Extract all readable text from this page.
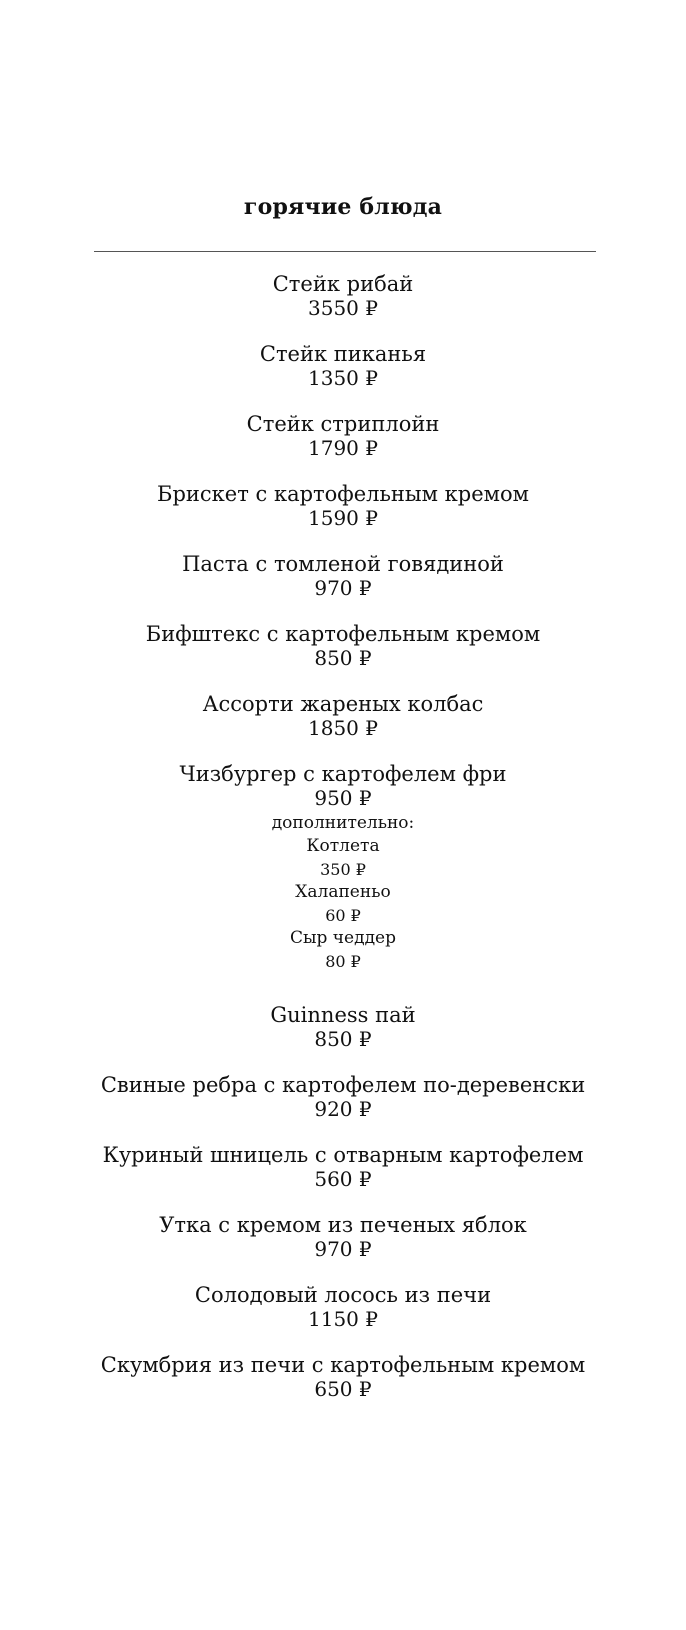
горячие блюда
Стейк рибай
3550 ₽
Стейк пиканья
1350 ₽
Стейк стриплойн
1790 ₽
Брискет с картофельным кремом
1590 ₽
Паста с томленой говядиной
970 ₽
Бифштекс с картофельным кремом
850 ₽
Ассорти жареных колбас
1850 ₽
Чизбургер с картофелем фри
950 ₽
дополнительно:
Котлета
350 ₽
Халапеньо
60 ₽
Сыр чеддер
80 ₽
Guinness пай
850 ₽
Свиные ребра с картофелем по-деревенски
920 ₽
Куриный шницель с отварным картофелем
560 ₽
Утка с кремом из печеных яблок
970 ₽
Солодовый лосось из печи
1150 ₽
Скумбрия из печи с картофельным кремом
650 ₽
